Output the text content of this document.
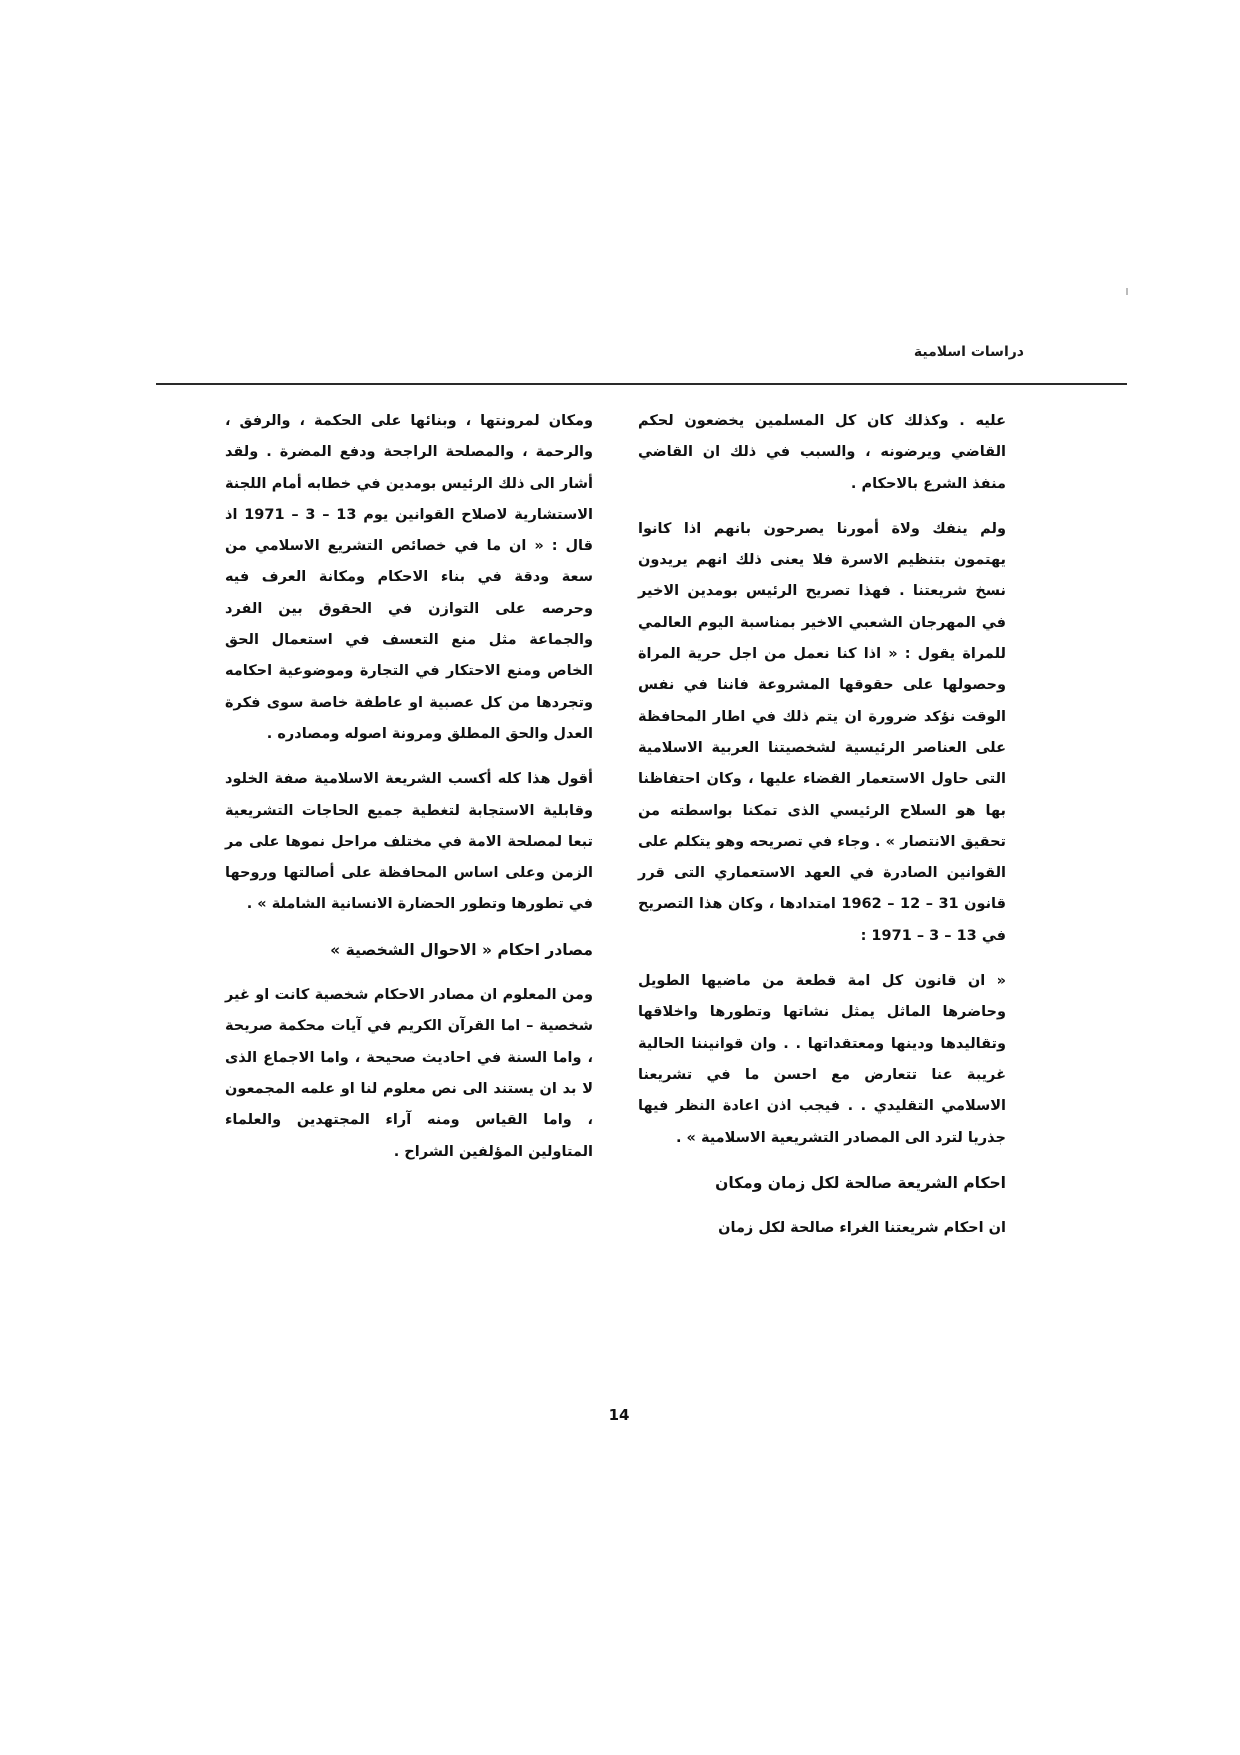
دراسات اسلامية

عليه . وكذلك كان كل المسلمين يخضعون لحكم القاضي ويرضونه ، والسبب في ذلك ان القاضي منفذ الشرع بالاحكام .

ولم ينفك ولاة أمورنا يصرحون بانهم اذا كانوا يهتمون بتنظيم الاسرة فلا يعنى ذلك انهم يريدون نسخ شريعتنا . فهذا تصريح الرئيس بومدين الاخير في المهرجان الشعبي الاخير بمناسبة اليوم العالمي للمراة يقول : « اذا كنا نعمل من اجل حرية المراة وحصولها على حقوقها المشروعة فاننا في نفس الوقت نؤكد ضرورة ان يتم ذلك في اطار المحافظة على العناصر الرئيسية لشخصيتنا العربية الاسلامية التى حاول الاستعمار القضاء عليها ، وكان احتفاظنا بها هو السلاح الرئيسي الذى تمكنا بواسطته من تحقيق الانتصار » . وجاء في تصريحه وهو يتكلم على القوانين الصادرة في العهد الاستعماري التى قرر قانون 31 – 12 – 1962 امتدادها ، وكان هذا التصريح في 13 – 3 – 1971 :

« ان قانون كل امة قطعة من ماضيها الطويل وحاضرها الماثل يمثل نشاتها وتطورها واخلاقها وتقاليدها ودينها ومعتقداتها . . وان قوانيننا الحالية غريبة عنا تتعارض مع احسن ما في تشريعنا الاسلامي التقليدي . . فيجب اذن اعادة النظر فيها جذريا لترد الى المصادر التشريعية الاسلامية » .

احكام الشريعة صالحة لكل زمان ومكان

ان احكام شريعتنا الغراء صالحة لكل زمان

ومكان لمرونتها ، وبنائها على الحكمة ، والرفق ، والرحمة ، والمصلحة الراجحة ودفع المضرة . ولقد أشار الى ذلك الرئيس بومدين في خطابه أمام اللجنة الاستشارية لاصلاح القوانين يوم 13 – 3 – 1971 اذ قال : « ان ما في خصائص التشريع الاسلامي من سعة ودقة في بناء الاحكام ومكانة العرف فيه وحرصه على التوازن في الحقوق بين الفرد والجماعة مثل منع التعسف في استعمال الحق الخاص ومنع الاحتكار في التجارة وموضوعية احكامه وتجردها من كل عصبية او عاطفة خاصة سوى فكرة العدل والحق المطلق ومرونة اصوله ومصادره .

أقول هذا كله أكسب الشريعة الاسلامية صفة الخلود وقابلية الاستجابة لتغطية جميع الحاجات التشريعية تبعا لمصلحة الامة في مختلف مراحل نموها على مر الزمن وعلى اساس المحافظة على أصالتها وروحها في تطورها وتطور الحضارة الانسانية الشاملة » .

مصادر احكام « الاحوال الشخصية »

ومن المعلوم ان مصادر الاحكام شخصية كانت او غير شخصية – اما القرآن الكريم في آيات محكمة صريحة ، واما السنة في احاديث صحيحة ، واما الاجماع الذى لا بد ان يستند الى نص معلوم لنا او علمه المجمعون ، واما القياس ومنه آراء المجتهدين والعلماء المتاولين المؤلفين الشراح .

14
